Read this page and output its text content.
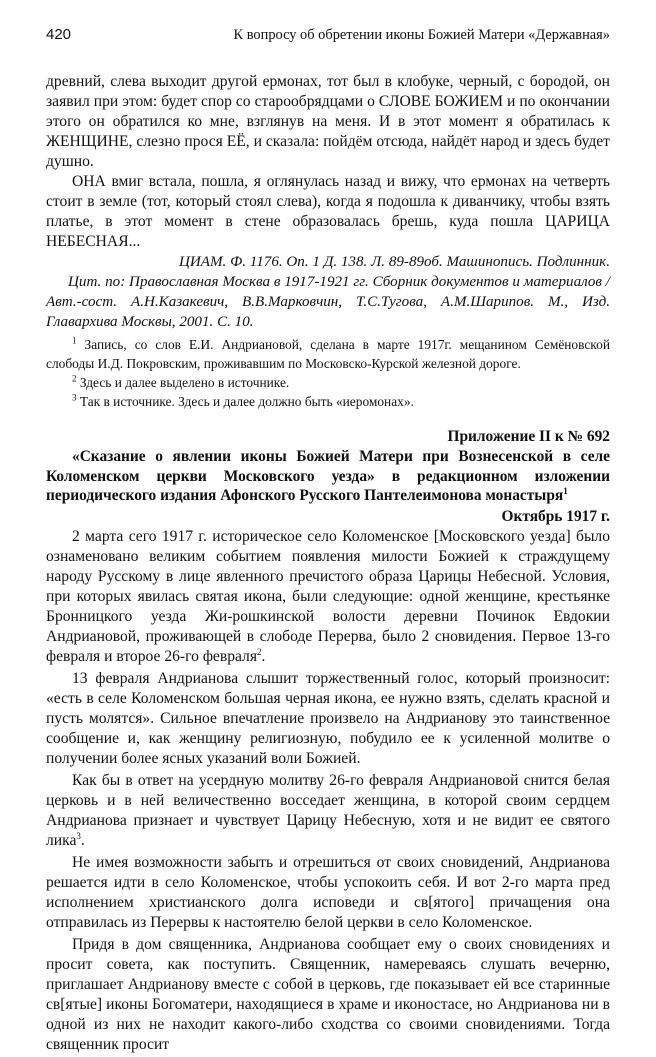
420	К вопросу об обретении иконы Божией Матери «Державная»

древний, слева выходит другой ермонах, тот был в клобуке, черный, с бородой, он заявил при этом: будет спор со старообрядцами о СЛОВЕ БОЖИЕМ и по окончании этого он обратился ко мне, взглянув на меня. И в этот момент я обратилась к ЖЕНЩИНЕ, слезно прося ЕЁ, и сказала: пойдём отсюда, найдёт народ и здесь будет душно.

ОНА вмиг встала, пошла, я оглянулась назад и вижу, что ермонах на четверть стоит в земле (тот, который стоял слева), когда я подошла к диванчику, чтобы взять платье, в этот момент в стене образовалась брешь, куда пошла ЦАРИЦА НЕБЕСНАЯ...

ЦИАМ. Ф. 1176. Оп. 1 Д. 138. Л. 89-89об. Машинопись. Подлинник.

Цит. по: Православная Москва в 1917-1921 гг. Сборник документов и материалов / Авт.-сост. А.Н.Казакевич, В.В.Марковчин, Т.С.Тугова, А.М.Шарипов. М., Изд. Главархива Москвы, 2001. С. 10.

$^1$ Запись, со слов Е.И. Андриановой, сделана в марте 1917г. мещанином Семёновской слободы И.Д. Покровским, проживавшим по Московско-Курской железной дороге.

$^2$ Здесь и далее выделено в источнике.

$^3$ Так в источнике. Здесь и далее должно быть «иеромонах».

Приложение II к № 692

«Сказание о явлении иконы Божией Матери при Вознесенской в селе Коломенском церкви Московского уезда» в редакционном изложении периодического издания Афонского Русского Пантелеимонова монастыря$^1$

Октябрь 1917 г.

2 марта сего 1917 г. историческое село Коломенское [Московского уезда] было ознаменовано великим событием появления милости Божией к страждущему народу Русскому в лице явленного пречистого образа Царицы Небесной. Условия, при которых явилась святая икона, были следующие: одной женщине, крестьянке Бронницкого уезда Жи-рошкинской волости деревни Починок Евдокии Андриановой, проживающей в слободе Перерва, было 2 сновидения. Первое 13-го февраля и второе 26-го февраля$^2$.

13 февраля Андрианова слышит торжественный голос, который произносит: «есть в селе Коломенском большая черная икона, ее нужно взять, сделать красной и пусть молятся». Сильное впечатление произвело на Андрианову это таинственное сообщение и, как женщину религиозную, побудило ее к усиленной молитве о получении более ясных указаний воли Божией.

Как бы в ответ на усердную молитву 26-го февраля Андриановой снится белая церковь и в ней величественно восседает женщина, в которой своим сердцем Андрианова признает и чувствует Царицу Небесную, хотя и не видит ее святого лика$^3$.

Не имея возможности забыть и отрешиться от своих сновидений, Андрианова решается идти в село Коломенское, чтобы успокоить себя. И вот 2-го марта пред исполнением христианского долга исповеди и св[ятого] причащения она отправилась из Перервы к настоятелю белой церкви в село Коломенское.

Придя в дом священника, Андрианова сообщает ему о своих сновидениях и просит совета, как поступить. Священник, намереваясь слушать вечерню, приглашает Андрианову вместе с собой в церковь, где показывает ей все старинные св[ятые] иконы Богоматери, находящиеся в храме и иконостасе, но Андрианова ни в одной из них не находит какого-либо сходства со своими сновидениями. Тогда священник просит
